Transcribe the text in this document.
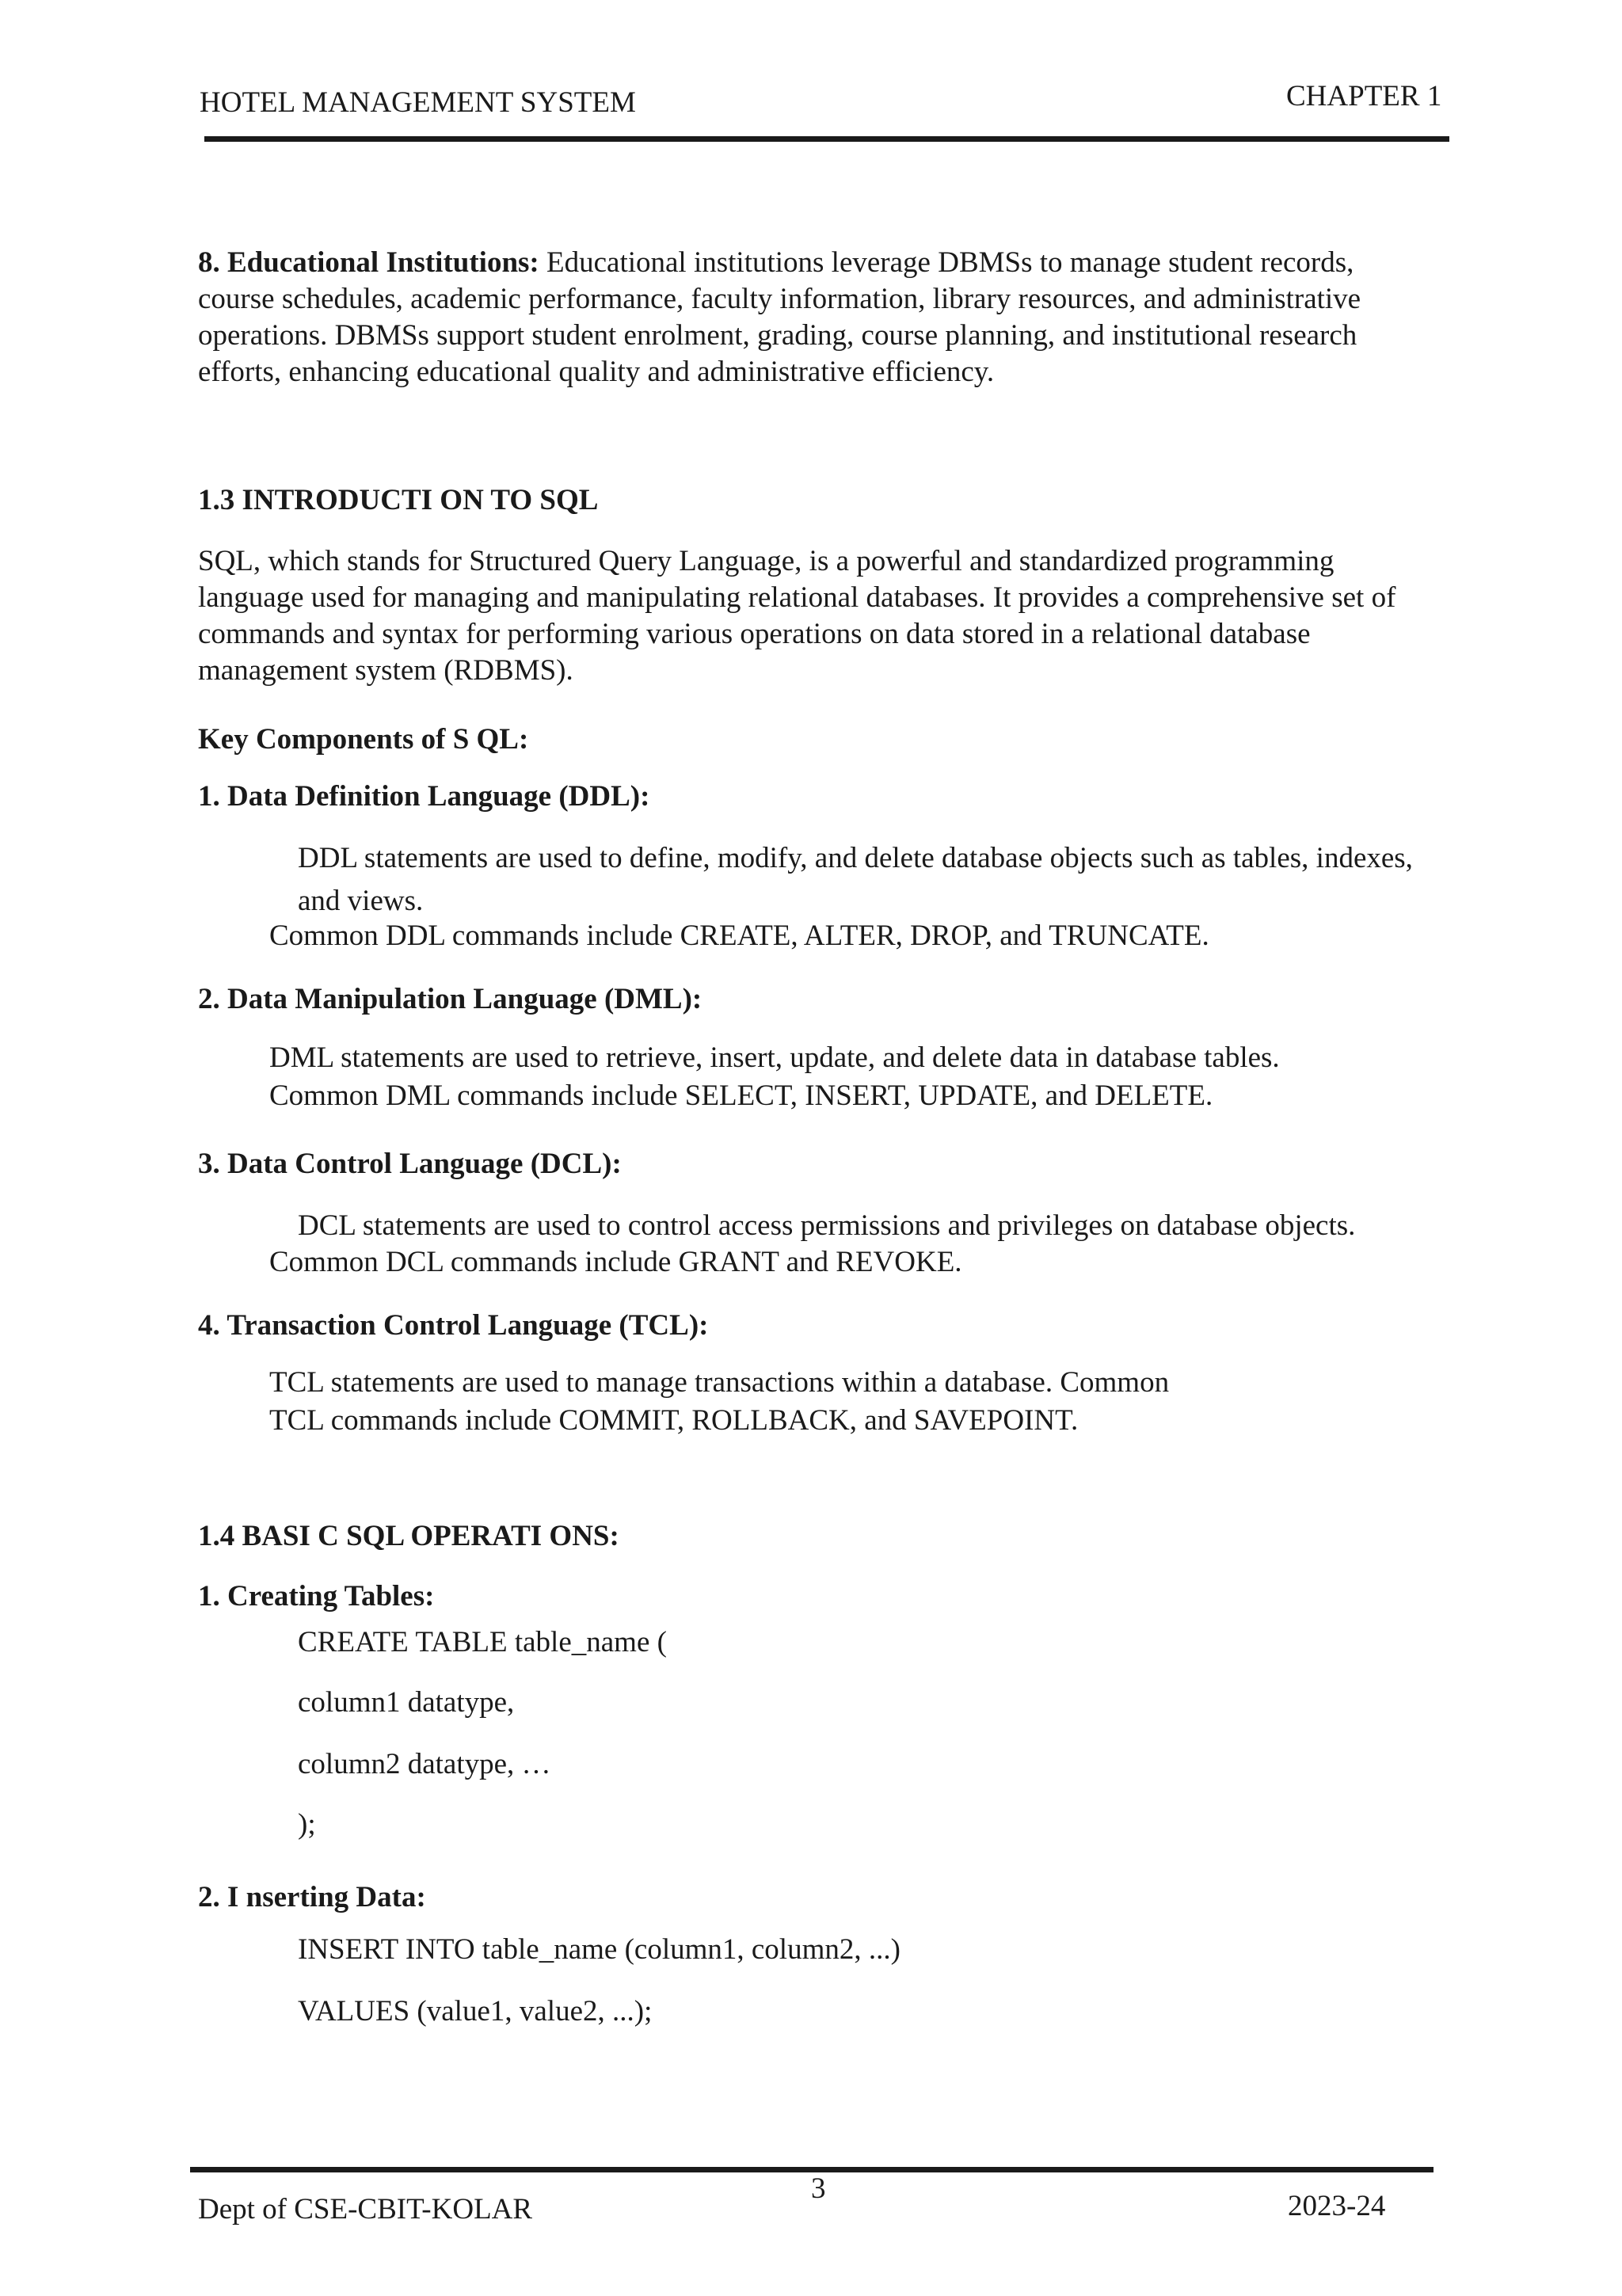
HOTEL MANAGEMENT SYSTEM	CHAPTER 1
8. Educational Institutions: Educational institutions leverage DBMSs to manage student records,
course schedules, academic performance, faculty information, library resources, and administrative
operations. DBMSs support student enrolment, grading, course planning, and institutional research
efforts, enhancing educational quality and administrative efficiency.
1.3 INTRODUCTI ON TO SQL
SQL, which stands for Structured Query Language, is a powerful and standardized programming
language used for managing and manipulating relational databases. It provides a comprehensive set of
commands and syntax for performing various operations on data stored in a relational database
management system (RDBMS).
Key Components of S QL:
1. Data Definition Language (DDL):
DDL statements are used to define, modify, and delete database objects such as tables, indexes,
and views.
Common DDL commands include CREATE, ALTER, DROP, and TRUNCATE.
2. Data Manipulation Language (DML):
DML statements are used to retrieve, insert, update, and delete data in database tables.
Common DML commands include SELECT, INSERT, UPDATE, and DELETE.
3. Data Control Language (DCL):
DCL statements are used to control access permissions and privileges on database objects.
Common DCL commands include GRANT and REVOKE.
4. Transaction Control Language (TCL):
TCL statements are used to manage transactions within a database. Common
TCL commands include COMMIT, ROLLBACK, and SAVEPOINT.
1.4 BASI C SQL OPERATI ONS:
1. Creating Tables:
CREATE TABLE table_name (
column1 datatype,
column2 datatype, …
);
2. I nserting Data:
INSERT INTO table_name (column1, column2, ...)
VALUES (value1, value2, ...);
Dept of CSE-CBIT-KOLAR
3
2023-24
